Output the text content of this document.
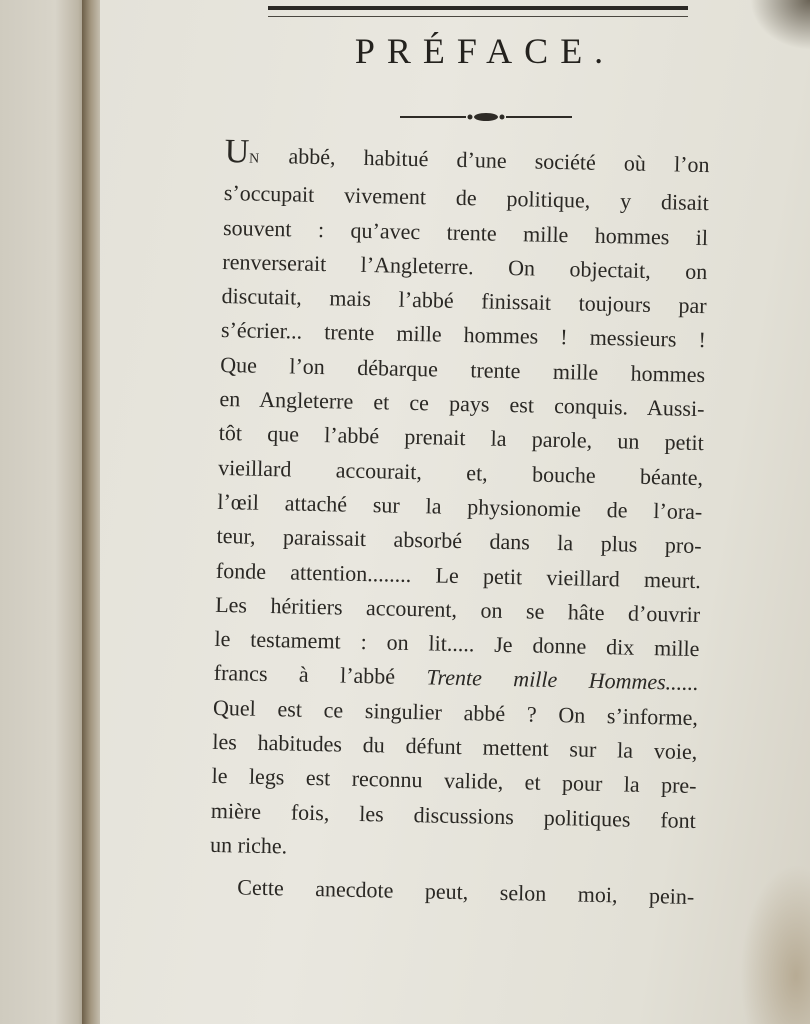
PRÉFACE.
UN abbé, habitué d’une société où l’on
s’occupait vivement de politique, y disait
souvent : qu’avec trente mille hommes il
renverserait l’Angleterre. On objectait, on
discutait, mais l’abbé finissait toujours par
s’écrier... trente mille hommes ! messieurs !
Que l’on débarque trente mille hommes
en Angleterre et ce pays est conquis. Aussi-
tôt que l’abbé prenait la parole, un petit
vieillard accourait, et, bouche béante,
l’œil attaché sur la physionomie de l’ora-
teur, paraissait absorbé dans la plus pro-
fonde attention........ Le petit vieillard meurt.
Les héritiers accourent, on se hâte d’ouvrir
le testamemt : on lit..... Je donne dix mille
francs à l’abbé Trente mille Hommes......
Quel est ce singulier abbé ? On s’informe,
les habitudes du défunt mettent sur la voie,
le legs est reconnu valide, et pour la pre-
mière fois, les discussions politiques font
un riche.
Cette anecdote peut, selon moi, pein-
